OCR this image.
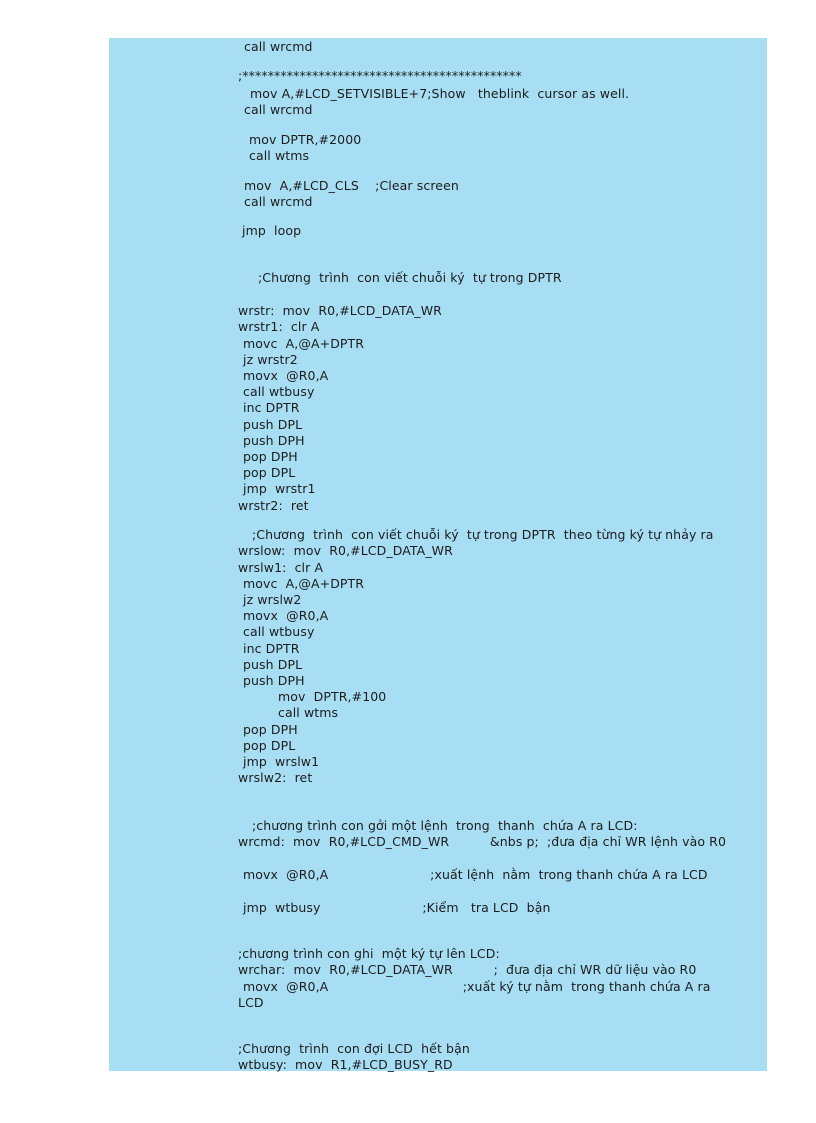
call wrcmd
;********************************************
mov A,#LCD_SETVISIBLE+7;Show   theblink  cursor as well.
call wrcmd
mov DPTR,#2000
call wtms
mov  A,#LCD_CLS    ;Clear screen
call wrcmd
jmp  loop
;Chương  trình  con viết chuỗi ký  tự trong DPTR
wrstr:  mov  R0,#LCD_DATA_WR
wrstr1:  clr A
movc  A,@A+DPTR
jz wrstr2
movx  @R0,A
call wtbusy
inc DPTR
push DPL
push DPH
pop DPH
pop DPL
jmp  wrstr1
wrstr2:  ret
;Chương  trình  con viết chuỗi ký  tự trong DPTR  theo từng ký tự nhảy ra
wrslow:  mov  R0,#LCD_DATA_WR
wrslw1:  clr A
movc  A,@A+DPTR
jz wrslw2
movx  @R0,A
call wtbusy
inc DPTR
push DPL
push DPH
mov  DPTR,#100
call wtms
pop DPH
pop DPL
jmp  wrslw1
wrslw2:  ret
;chương trình con gởi một lệnh  trong  thanh  chứa A ra LCD:
wrcmd:  mov  R0,#LCD_CMD_WR          &nbs p;  ;đưa địa chỉ WR lệnh vào R0
movx  @R0,A                         ;xuất lệnh  nằm  trong thanh chứa A ra LCD
jmp  wtbusy                         ;Kiểm   tra LCD  bận
;chương trình con ghi  một ký tự lên LCD:
wrchar:  mov  R0,#LCD_DATA_WR          ;  đưa địa chỉ WR dữ liệu vào R0
movx  @R0,A                                 ;xuất ký tự nằm  trong thanh chứa A ra
LCD
;Chương  trình  con đợi LCD  hết bận
wtbusy:  mov  R1,#LCD_BUSY_RD
